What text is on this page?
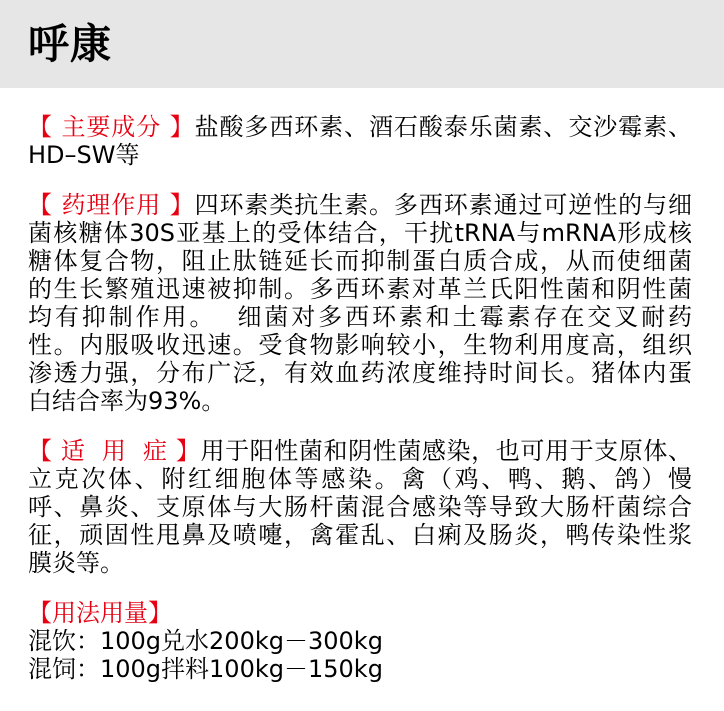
呼康
【 主要成分 】盐酸多西环素、酒石酸泰乐菌素、交沙霉素、
HD–SW等
【 药理作用 】四环素类抗生素。多西环素通过可逆性的与细
菌核糖体30S亚基上的受体结合，干扰tRNA与mRNA形成核
糖体复合物，阻止肽链延长而抑制蛋白质合成，从而使细菌
的生长繁殖迅速被抑制。多西环素对革兰氏阳性菌和阴性菌
均有抑制作用。  细菌对多西环素和土霉素存在交叉耐药
性。内服吸收迅速。受食物影响较小，生物利用度高，组织
渗透力强，分布广泛，有效血药浓度维持时间长。猪体内蛋
白结合率为93%。
【 适  用  症 】用于阳性菌和阴性菌感染，也可用于支原体、
立克次体、附红细胞体等感染。禽（鸡、鸭、鹅、鸽）慢
呼、鼻炎、支原体与大肠杆菌混合感染等导致大肠杆菌综合
征，顽固性甩鼻及喷嚏，禽霍乱、白痢及肠炎，鸭传染性浆
膜炎等。
【用法用量】
混饮：100g兑水200kg－300kg
混饲：100g拌料100kg－150kg
